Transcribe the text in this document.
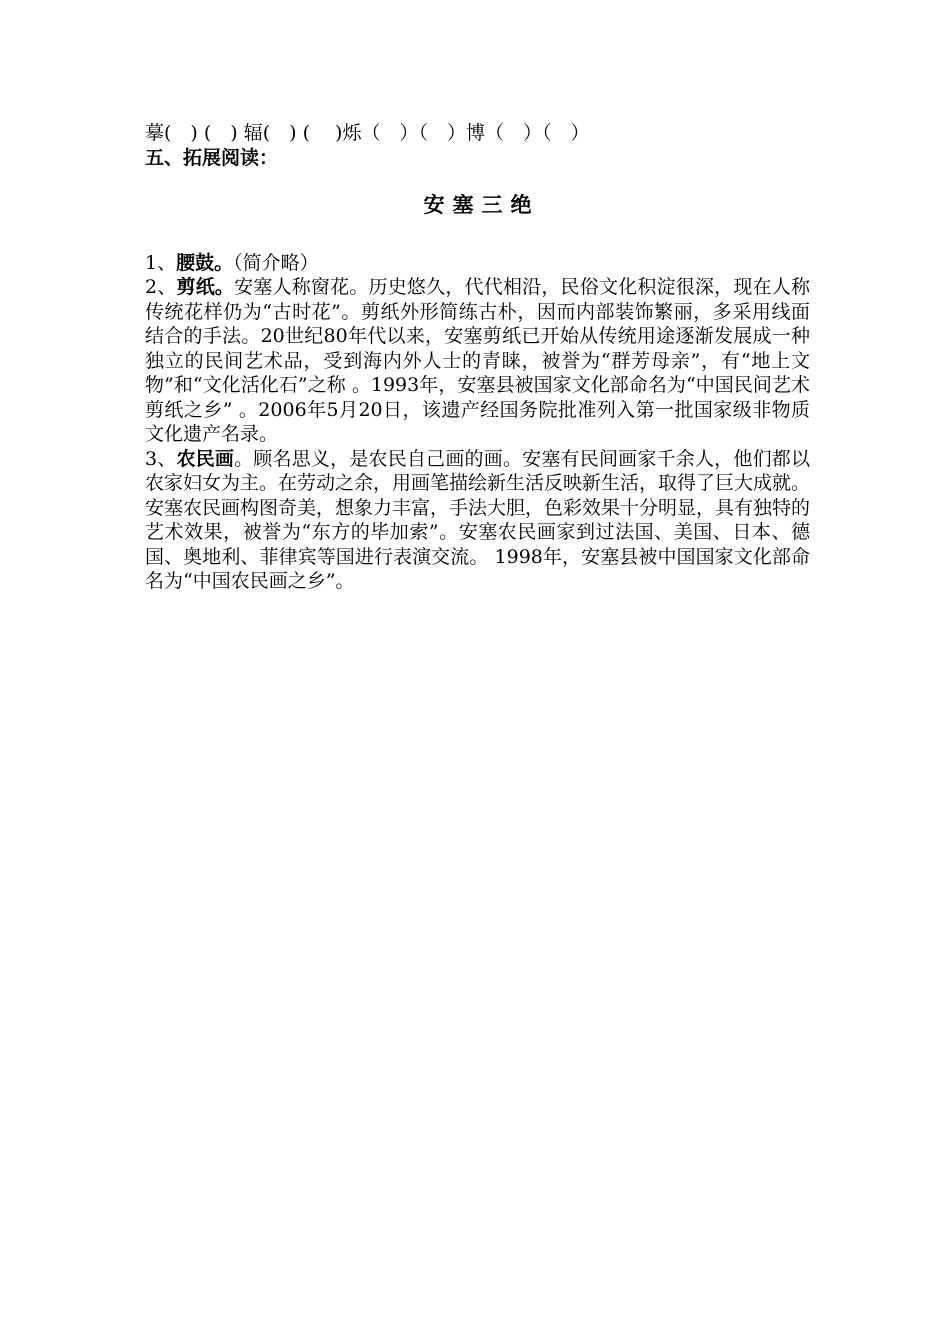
摹(　) (　) 辐(　) (　 )烁（　）（　）博（　）（　）
五、拓展阅读：
安塞三绝
1、腰鼓。（简介略）
2、剪纸。安塞人称窗花。历史悠久，代代相沿，民俗文化积淀很深，现在人称传统花样仍为“古时花”。剪纸外形简练古朴，因而内部装饰繁丽，多采用线面结合的手法。20世纪80年代以来，安塞剪纸已开始从传统用途逐渐发展成一种独立的民间艺术品，受到海内外人士的青睐，被誉为“群芳母亲”，有“地上文物”和“文化活化石”之称 。1993年，安塞县被国家文化部命名为“中国民间艺术剪纸之乡” 。2006年5月20日，该遗产经国务院批准列入第一批国家级非物质文化遗产名录。
3、农民画。顾名思义，是农民自己画的画。安塞有民间画家千余人，他们都以农家妇女为主。在劳动之余，用画笔描绘新生活反映新生活，取得了巨大成就。安塞农民画构图奇美，想象力丰富，手法大胆，色彩效果十分明显，具有独特的艺术效果，被誉为“东方的毕加索”。安塞农民画家到过法国、美国、日本、德 国、奥地利、菲律宾等国进行表演交流。 1998年，安塞县被中国国家文化部命名为“中国农民画之乡”。
